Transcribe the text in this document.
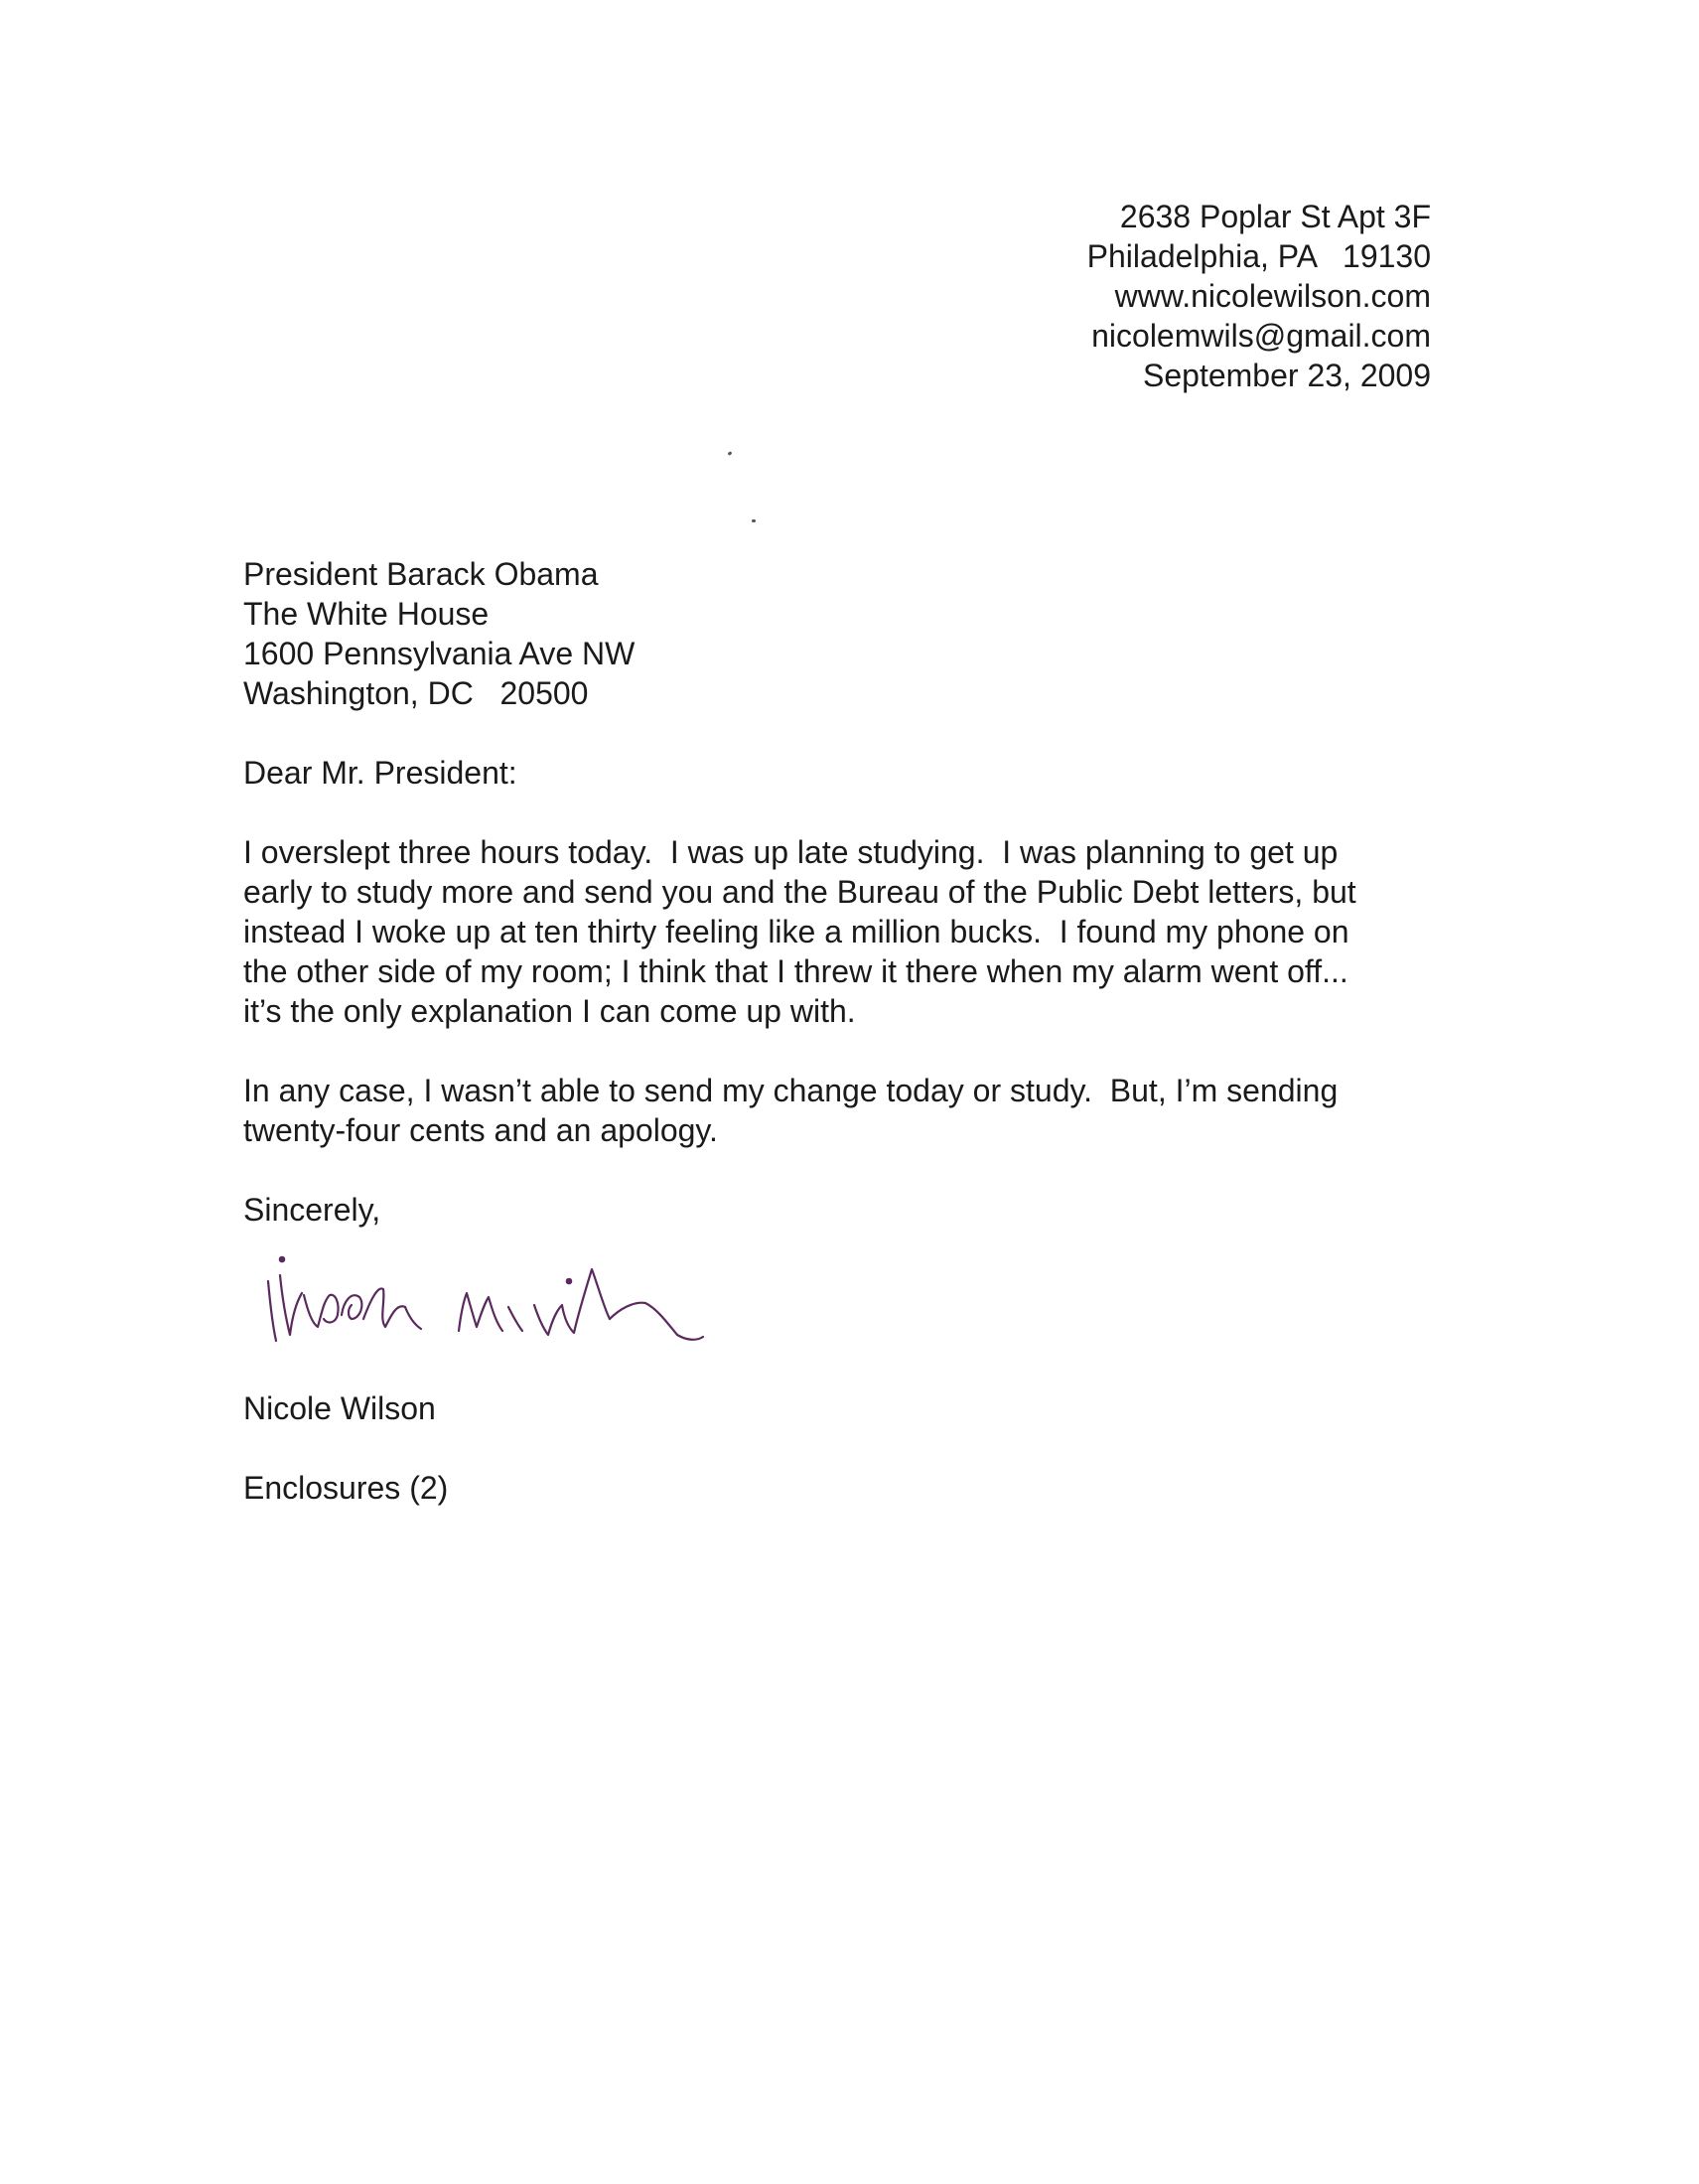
2638 Poplar St Apt 3F
Philadelphia, PA   19130
www.nicolewilson.com
nicolemwils@gmail.com
September 23, 2009
President Barack Obama
The White House
1600 Pennsylvania Ave NW
Washington, DC   20500
Dear Mr. President:
I overslept three hours today.  I was up late studying.  I was planning to get up
early to study more and send you and the Bureau of the Public Debt letters, but
instead I woke up at ten thirty feeling like a million bucks.  I found my phone on
the other side of my room; I think that I threw it there when my alarm went off...
it’s the only explanation I can come up with.
In any case, I wasn’t able to send my change today or study.  But, I’m sending
twenty-four cents and an apology.
Sincerely,
Nicole Wilson
Enclosures (2)
